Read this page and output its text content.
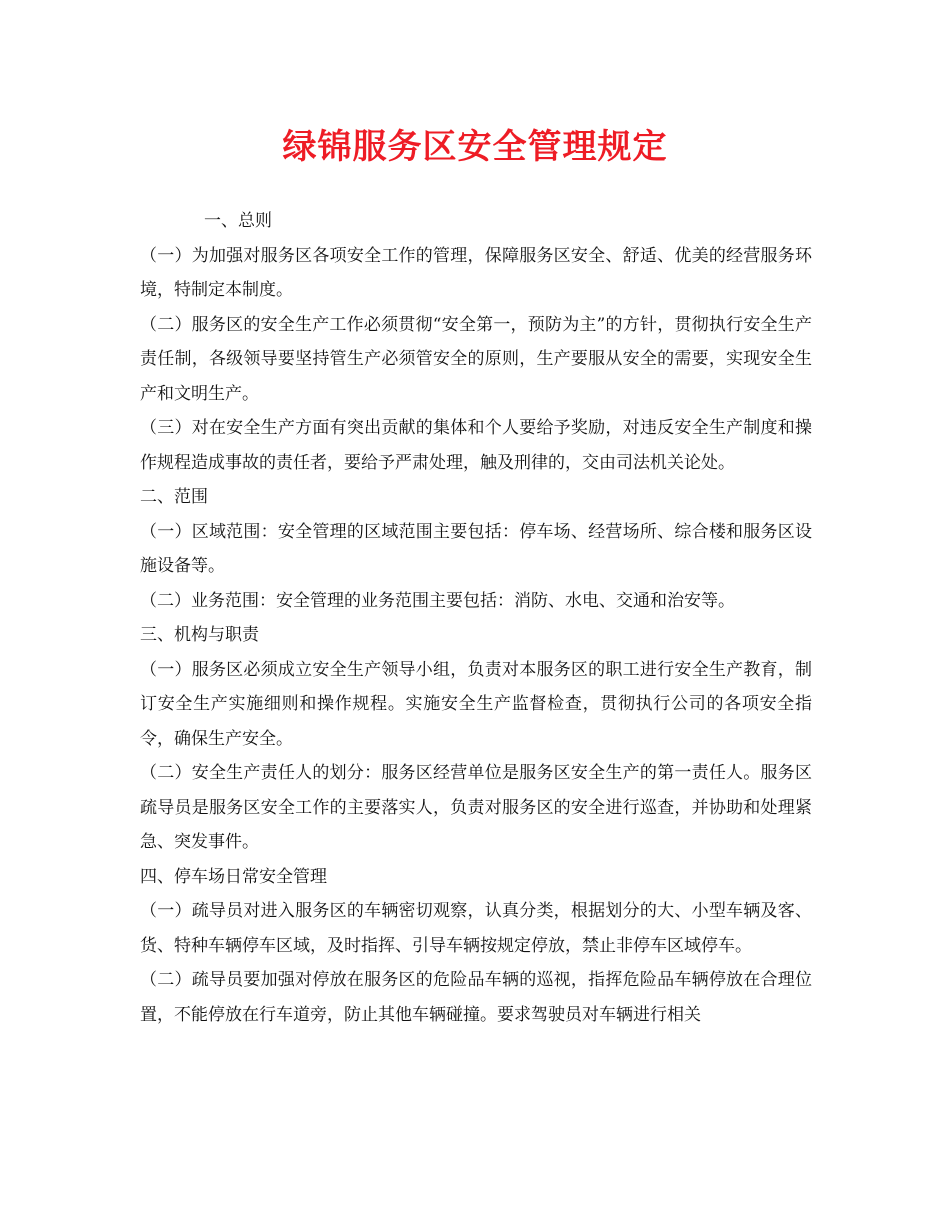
绿锦服务区安全管理规定

一、总则

（一）为加强对服务区各项安全工作的管理，保障服务区安全、舒适、优美的经营服务环境，特制定本制度。

（二）服务区的安全生产工作必须贯彻“安全第一，预防为主”的方针，贯彻执行安全生产责任制，各级领导要坚持管生产必须管安全的原则，生产要服从安全的需要，实现安全生产和文明生产。

（三）对在安全生产方面有突出贡献的集体和个人要给予奖励，对违反安全生产制度和操作规程造成事故的责任者，要给予严肃处理，触及刑律的，交由司法机关论处。

二、范围

（一）区域范围：安全管理的区域范围主要包括：停车场、经营场所、综合楼和服务区设施设备等。

（二）业务范围：安全管理的业务范围主要包括：消防、水电、交通和治安等。

三、机构与职责

（一）服务区必须成立安全生产领导小组，负责对本服务区的职工进行安全生产教育，制订安全生产实施细则和操作规程。实施安全生产监督检查，贯彻执行公司的各项安全指令，确保生产安全。

（二）安全生产责任人的划分：服务区经营单位是服务区安全生产的第一责任人。服务区疏导员是服务区安全工作的主要落实人，负责对服务区的安全进行巡查，并协助和处理紧急、突发事件。

四、停车场日常安全管理

（一）疏导员对进入服务区的车辆密切观察，认真分类，根据划分的大、小型车辆及客、货、特种车辆停车区域，及时指挥、引导车辆按规定停放，禁止非停车区域停车。

（二）疏导员要加强对停放在服务区的危险品车辆的巡视，指挥危险品车辆停放在合理位置，不能停放在行车道旁，防止其他车辆碰撞。要求驾驶员对车辆进行相关
